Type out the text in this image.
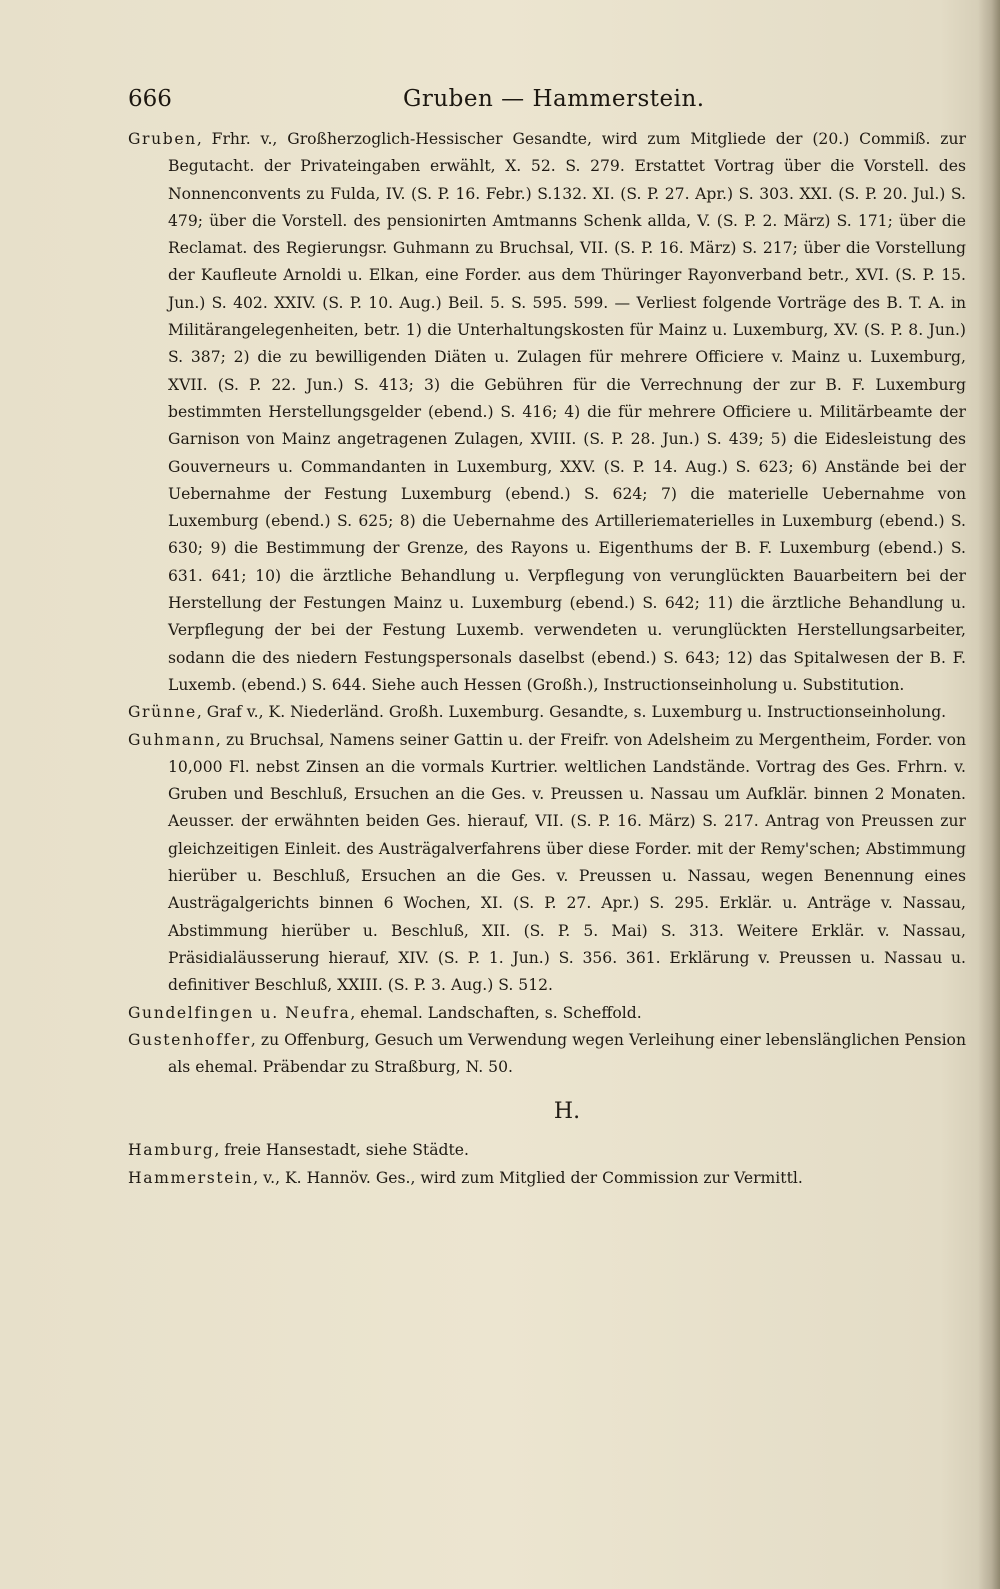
666	Gruben — Hammerstein.

Gruben, Frhr. v., Großherzoglich-Hessischer Gesandte, wird zum Mitgliede der (20.) Commiß. zur Begutacht. der Privateingaben erwählt, X. 52. S. 279. Erstattet Vortrag über die Vorstell. des Nonnenconvents zu Fulda, IV. (S. P. 16. Febr.) S.132. XI. (S. P. 27. Apr.) S. 303. XXI. (S. P. 20. Jul.) S. 479; über die Vorstell. des pensionirten Amtmanns Schenk allda, V. (S. P. 2. März) S. 171; über die Reclamat. des Regierungsr. Guhmann zu Bruchsal, VII. (S. P. 16. März) S. 217; über die Vorstellung der Kaufleute Arnoldi u. Elkan, eine Forder. aus dem Thüringer Rayonverband betr., XVI. (S. P. 15. Jun.) S. 402. XXIV. (S. P. 10. Aug.) Beil. 5. S. 595. 599. — Verliest folgende Vorträge des B. T. A. in Militärangelegenheiten, betr. 1) die Unterhaltungskosten für Mainz u. Luxemburg, XV. (S. P. 8. Jun.) S. 387; 2) die zu bewilligenden Diäten u. Zulagen für mehrere Officiere v. Mainz u. Luxemburg, XVII. (S. P. 22. Jun.) S. 413; 3) die Gebühren für die Verrechnung der zur B. F. Luxemburg bestimmten Herstellungsgelder (ebend.) S. 416; 4) die für mehrere Officiere u. Militärbeamte der Garnison von Mainz angetragenen Zulagen, XVIII. (S. P. 28. Jun.) S. 439; 5) die Eidesleistung des Gouverneurs u. Commandanten in Luxemburg, XXV. (S. P. 14. Aug.) S. 623; 6) Anstände bei der Uebernahme der Festung Luxemburg (ebend.) S. 624; 7) die materielle Uebernahme von Luxemburg (ebend.) S. 625; 8) die Uebernahme des Artilleriematerielles in Luxemburg (ebend.) S. 630; 9) die Bestimmung der Grenze, des Rayons u. Eigenthums der B. F. Luxemburg (ebend.) S. 631. 641; 10) die ärztliche Behandlung u. Verpflegung von verunglückten Bauarbeitern bei der Herstellung der Festungen Mainz u. Luxemburg (ebend.) S. 642; 11) die ärztliche Behandlung u. Verpflegung der bei der Festung Luxemb. verwendeten u. verunglückten Herstellungsarbeiter, sodann die des niedern Festungspersonals daselbst (ebend.) S. 643; 12) das Spitalwesen der B. F. Luxemb. (ebend.) S. 644. Siehe auch Hessen (Großh.), Instructionseinholung u. Substitution.

Grünne, Graf v., K. Niederländ. Großh. Luxemburg. Gesandte, s. Luxemburg u. Instructionseinholung.

Guhmann, zu Bruchsal, Namens seiner Gattin u. der Freifr. von Adelsheim zu Mergentheim, Forder. von 10,000 Fl. nebst Zinsen an die vormals Kurtrier. weltlichen Landstände. Vortrag des Ges. Frhrn. v. Gruben und Beschluß, Ersuchen an die Ges. v. Preussen u. Nassau um Aufklär. binnen 2 Monaten. Aeusser. der erwähnten beiden Ges. hierauf, VII. (S. P. 16. März) S. 217. Antrag von Preussen zur gleichzeitigen Einleit. des Austrägalverfahrens über diese Forder. mit der Remy'schen; Abstimmung hierüber u. Beschluß, Ersuchen an die Ges. v. Preussen u. Nassau, wegen Benennung eines Austrägalgerichts binnen 6 Wochen, XI. (S. P. 27. Apr.) S. 295. Erklär. u. Anträge v. Nassau, Abstimmung hierüber u. Beschluß, XII. (S. P. 5. Mai) S. 313. Weitere Erklär. v. Nassau, Präsidialäusserung hierauf, XIV. (S. P. 1. Jun.) S. 356. 361. Erklärung v. Preussen u. Nassau u. definitiver Beschluß, XXIII. (S. P. 3. Aug.) S. 512.

Gundelfingen u. Neufra, ehemal. Landschaften, s. Scheffold.

Gustenhoffer, zu Offenburg, Gesuch um Verwendung wegen Verleihung einer lebenslänglichen Pension als ehemal. Präbendar zu Straßburg, N. 50.

H.

Hamburg, freie Hansestadt, siehe Städte.

Hammerstein, v., K. Hannöv. Ges., wird zum Mitglied der Commission zur Vermittl.
